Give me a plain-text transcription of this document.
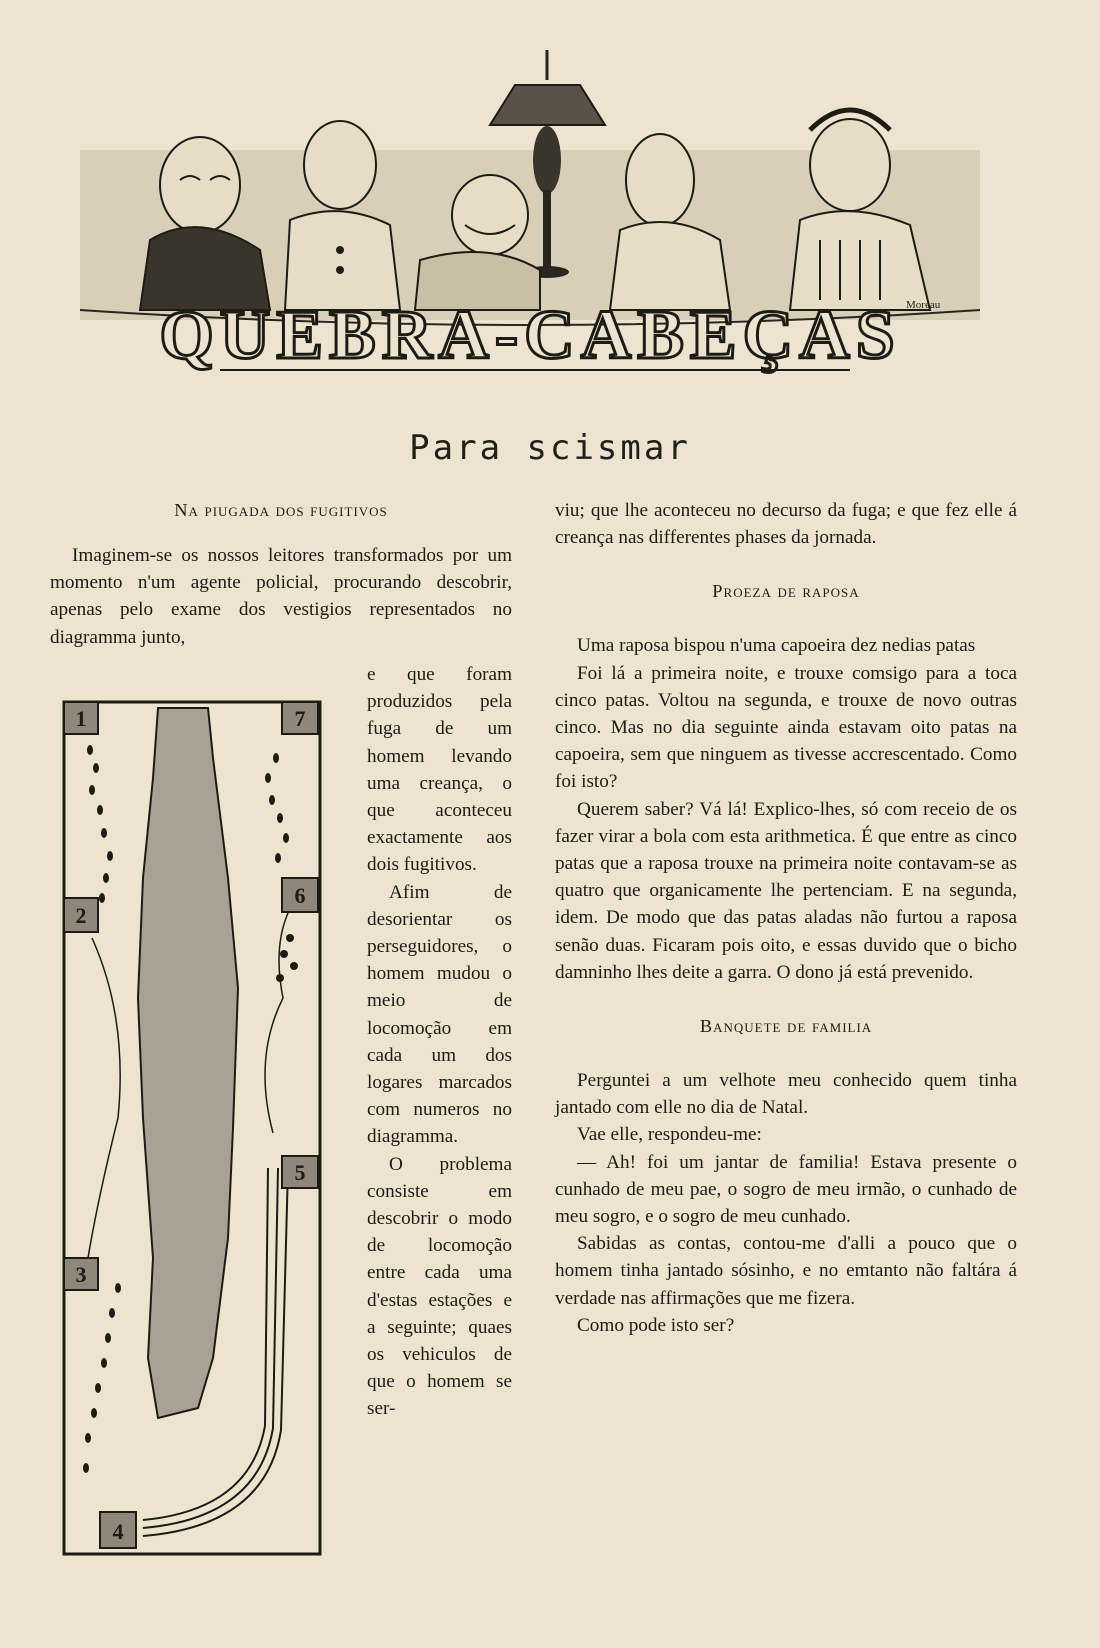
QUEBRA-CABEÇAS Moreau
Para scismar

Na piugada dos fugitivos

Imaginem-se os nossos leitores transformados por um momento n'um agente policial, procurando descobrir, apenas pelo exame dos vestigios representados no diagramma junto,

e que foram produzidos pela fuga de um homem levando uma creança, o que aconteceu exactamente aos dois fugitivos.

Afim de desorientar os perseguidores, o homem mudou o meio de locomoção em cada um dos logares marcados com numeros no diagramma.

O problema consiste em descobrir o modo de locomoção entre cada uma d'estas estações e a seguinte; quaes os vehiculos de que o homem se ser-

1
2
3
4
5
6
7

viu; que lhe aconteceu no decurso da fuga; e que fez elle á creança nas differentes phases da jornada.

Proeza de raposa

Uma raposa bispou n'uma capoeira dez nedias patas

Foi lá a primeira noite, e trouxe comsigo para a toca cinco patas. Voltou na segunda, e trouxe de novo outras cinco. Mas no dia seguinte ainda estavam oito patas na capoeira, sem que ninguem as tivesse accrescentado. Como foi isto?

Querem saber? Vá lá! Explico-lhes, só com receio de os fazer virar a bola com esta arithmetica. É que entre as cinco patas que a raposa trouxe na primeira noite contavam-se as quatro que organicamente lhe pertenciam. E na segunda, idem. De modo que das patas aladas não furtou a raposa senão duas. Ficaram pois oito, e essas duvido que o bicho damninho lhes deite a garra. O dono já está prevenido.

Banquete de familia

Perguntei a um velhote meu conhecido quem tinha jantado com elle no dia de Natal.

Vae elle, respondeu-me:

— Ah! foi um jantar de familia! Estava presente o cunhado de meu pae, o sogro de meu irmão, o cunhado de meu sogro, e o sogro de meu cunhado.

Sabidas as contas, contou-me d'alli a pouco que o homem tinha jantado sósinho, e no emtanto não faltára á verdade nas affirmações que me fizera.

Como pode isto ser?
